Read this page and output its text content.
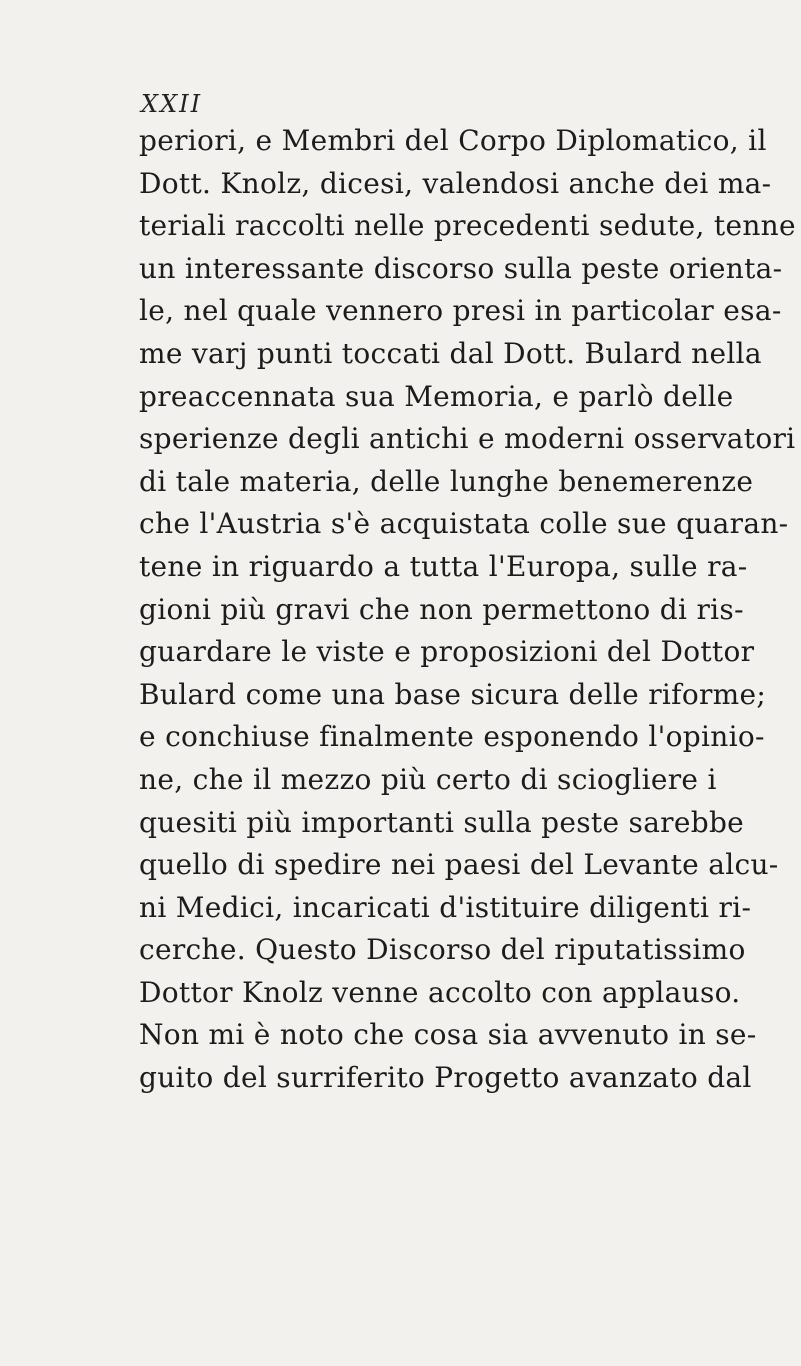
XXII
periori, e Membri del Corpo Diplomatico, il
Dott. Knolz, dicesi, valendosi anche dei ma-
teriali raccolti nelle precedenti sedute, tenne
un interessante discorso sulla peste orienta-
le, nel quale vennero presi in particolar esa-
me varj punti toccati dal Dott. Bulard nella
preaccennata sua Memoria, e parlò delle
sperienze degli antichi e moderni osservatori
di tale materia, delle lunghe benemerenze
che l'Austria s'è acquistata colle sue quaran-
tene in riguardo a tutta l'Europa, sulle ra-
gioni più gravi che non permettono di ris-
guardare le viste e proposizioni del Dottor
Bulard come una base sicura delle riforme;
e conchiuse finalmente esponendo l'opinio-
ne, che il mezzo più certo di sciogliere i
quesiti più importanti sulla peste sarebbe
quello di spedire nei paesi del Levante alcu-
ni Medici, incaricati d'istituire diligenti ri-
cerche. Questo Discorso del riputatissimo
Dottor Knolz venne accolto con applauso.
Non mi è noto che cosa sia avvenuto in se-
guito del surriferito Progetto avanzato dal
